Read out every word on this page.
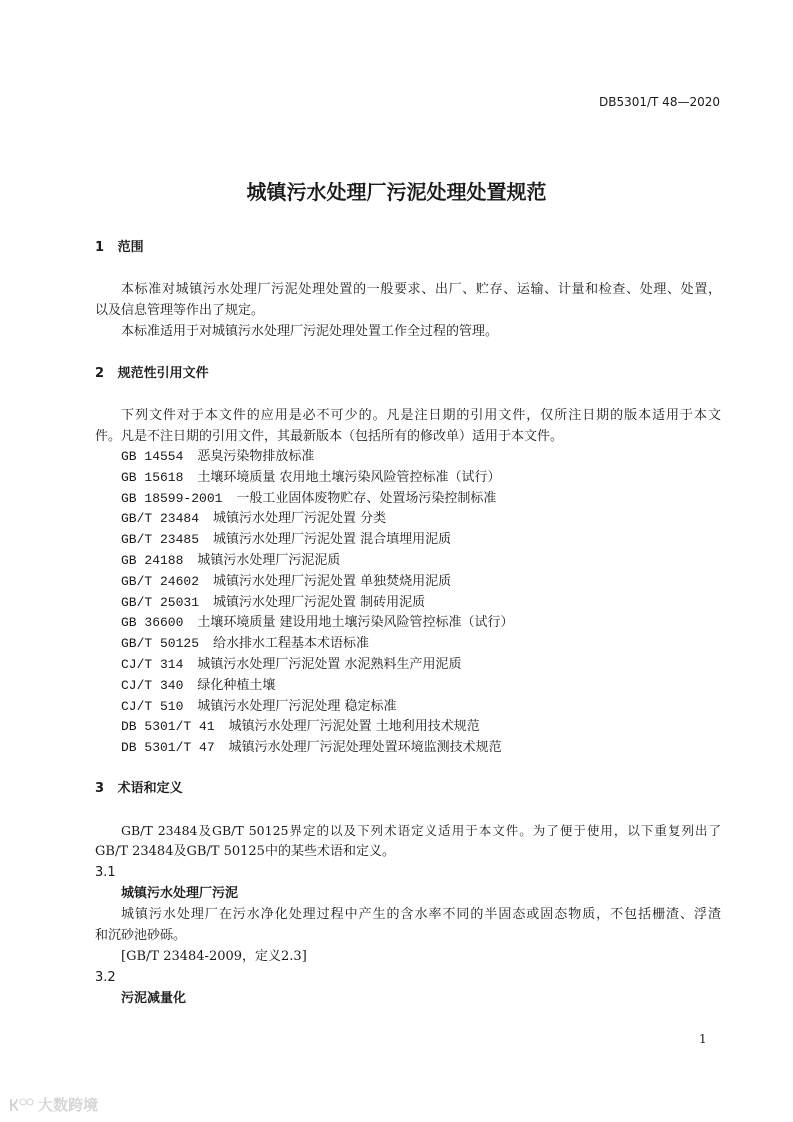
DB5301/T 48—2020
城镇污水处理厂污泥处理处置规范
1 范围
本标准对城镇污水处理厂污泥处理处置的一般要求、出厂、贮存、运输、计量和检查、处理、处置，
以及信息管理等作出了规定。
本标准适用于对城镇污水处理厂污泥处理处置工作全过程的管理。
2 规范性引用文件
下列文件对于本文件的应用是必不可少的。凡是注日期的引用文件，仅所注日期的版本适用于本文
件。凡是不注日期的引用文件，其最新版本（包括所有的修改单）适用于本文件。
GB 14554 恶臭污染物排放标准
GB 15618 土壤环境质量 农用地土壤污染风险管控标准（试行）
GB 18599-2001 一般工业固体废物贮存、处置场污染控制标准
GB/T 23484 城镇污水处理厂污泥处置 分类
GB/T 23485 城镇污水处理厂污泥处置 混合填埋用泥质
GB 24188 城镇污水处理厂污泥泥质
GB/T 24602 城镇污水处理厂污泥处置 单独焚烧用泥质
GB/T 25031 城镇污水处理厂污泥处置 制砖用泥质
GB 36600 土壤环境质量 建设用地土壤污染风险管控标准（试行）
GB/T 50125 给水排水工程基本术语标准
CJ/T 314 城镇污水处理厂污泥处置 水泥熟料生产用泥质
CJ/T 340 绿化种植土壤
CJ/T 510 城镇污水处理厂污泥处理 稳定标准
DB 5301/T 41 城镇污水处理厂污泥处置 土地利用技术规范
DB 5301/T 47 城镇污水处理厂污泥处理处置环境监测技术规范
3 术语和定义
GB/T 23484及GB/T 50125界定的以及下列术语定义适用于本文件。为了便于使用，以下重复列出了
GB/T 23484及GB/T 50125中的某些术语和定义。
3.1
城镇污水处理厂污泥
城镇污水处理厂在污水净化处理过程中产生的含水率不同的半固态或固态物质，不包括栅渣、浮渣
和沉砂池砂砾。
[GB/T 23484-2009，定义2.3]
3.2
污泥减量化
1
大数跨境
